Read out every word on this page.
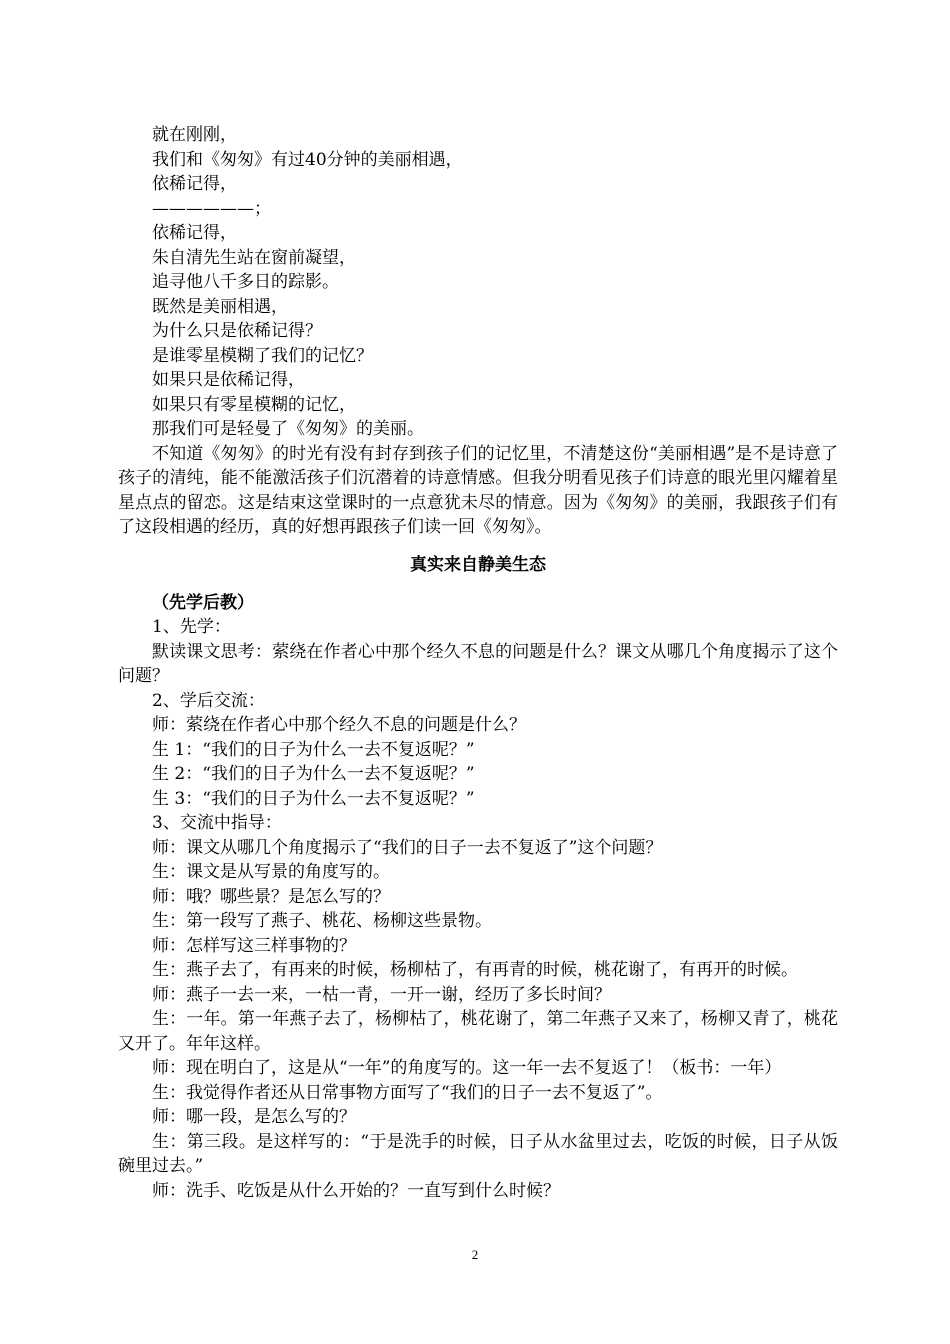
就在刚刚，
我们和《匆匆》有过40分钟的美丽相遇，
依稀记得，
——————；
依稀记得，
朱自清先生站在窗前凝望，
追寻他八千多日的踪影。
既然是美丽相遇，
为什么只是依稀记得？
是谁零星模糊了我们的记忆？
如果只是依稀记得，
如果只有零星模糊的记忆，
那我们可是轻曼了《匆匆》的美丽。

不知道《匆匆》的时光有没有封存到孩子们的记忆里，不清楚这份“美丽相遇”是不是诗意了孩子的清纯，能不能激活孩子们沉潜着的诗意情感。但我分明看见孩子们诗意的眼光里闪耀着星星点点的留恋。这是结束这堂课时的一点意犹未尽的情意。因为《匆匆》的美丽，我跟孩子们有了这段相遇的经历，真的好想再跟孩子们读一回《匆匆》。

真实来自静美生态
（先学后教）
1、先学：

默读课文思考：萦绕在作者心中那个经久不息的问题是什么？课文从哪几个角度揭示了这个问题？

2、学后交流：
师：萦绕在作者心中那个经久不息的问题是什么？
生 1：“我们的日子为什么一去不复返呢？”
生 2：“我们的日子为什么一去不复返呢？”
生 3：“我们的日子为什么一去不复返呢？”
3、交流中指导：
师：课文从哪几个角度揭示了“我们的日子一去不复返了”这个问题？
生：课文是从写景的角度写的。
师：哦？哪些景？是怎么写的？
生：第一段写了燕子、桃花、杨柳这些景物。
师：怎样写这三样事物的？
生：燕子去了，有再来的时候，杨柳枯了，有再青的时候，桃花谢了，有再开的时候。
师：燕子一去一来，一枯一青，一开一谢，经历了多长时间？

生：一年。第一年燕子去了，杨柳枯了，桃花谢了，第二年燕子又来了，杨柳又青了，桃花又开了。年年这样。

师：现在明白了，这是从“一年”的角度写的。这一年一去不复返了！（板书：一年）
生：我觉得作者还从日常事物方面写了“我们的日子一去不复返了”。
师：哪一段，是怎么写的？

生：第三段。是这样写的：“于是洗手的时候，日子从水盆里过去，吃饭的时候，日子从饭碗里过去。”

师：洗手、吃饭是从什么开始的？一直写到什么时候？
2
